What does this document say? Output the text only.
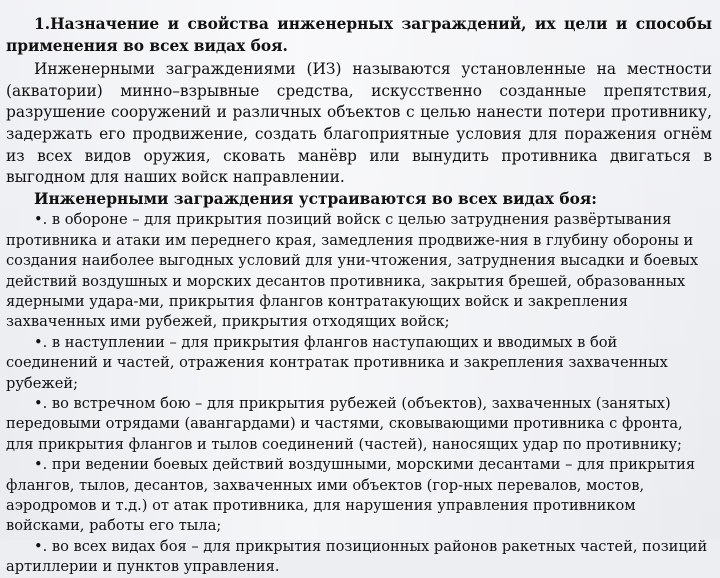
1.Назначение и свойства инженерных заграждений, их цели и способы применения во всех видах боя.

Инженерными заграждениями (ИЗ) называются установленные на местности (акватории) минно–взрывные средства, искусственно созданные препятствия, разрушение сооружений и различных объектов с целью нанести потери противнику, задержать его продвижение, создать благоприятные условия для поражения огнём из всех видов оружия, сковать манёвр или вынудить противника двигаться в выгодном для наших войск направлении.

Инженерными заграждения устраиваются во всех видах боя:

•. в обороне – для прикрытия позиций войск с целью затруднения развёртывания противника и атаки им переднего края, замедления продвиже-ния в глубину обороны и создания наиболее выгодных условий для уни-чтожения, затруднения высадки и боевых действий воздушных и морских десантов противника, закрытия брешей, образованных ядерными удара-ми, прикрытия флангов контратакующих войск и закрепления захваченных ими рубежей, прикрытия отходящих войск;

•. в наступлении – для прикрытия флангов наступающих и вводимых в бой соединений и частей, отражения контратак противника и закрепления захваченных рубежей;

•. во встречном бою – для прикрытия рубежей (объектов), захваченных (занятых) передовыми отрядами (авангардами) и частями, сковывающими противника с фронта, для прикрытия флангов и тылов соединений (частей), наносящих удар по противнику;

•. при ведении боевых действий воздушными, морскими десантами – для прикрытия флангов, тылов, десантов, захваченных ими объектов (гор-ных перевалов, мостов, аэродромов и т.д.) от атак противника, для нарушения управления противником войсками, работы его тыла;

•. во всех видах боя – для прикрытия позиционных районов ракетных частей, позиций артиллерии и пунктов управления.
